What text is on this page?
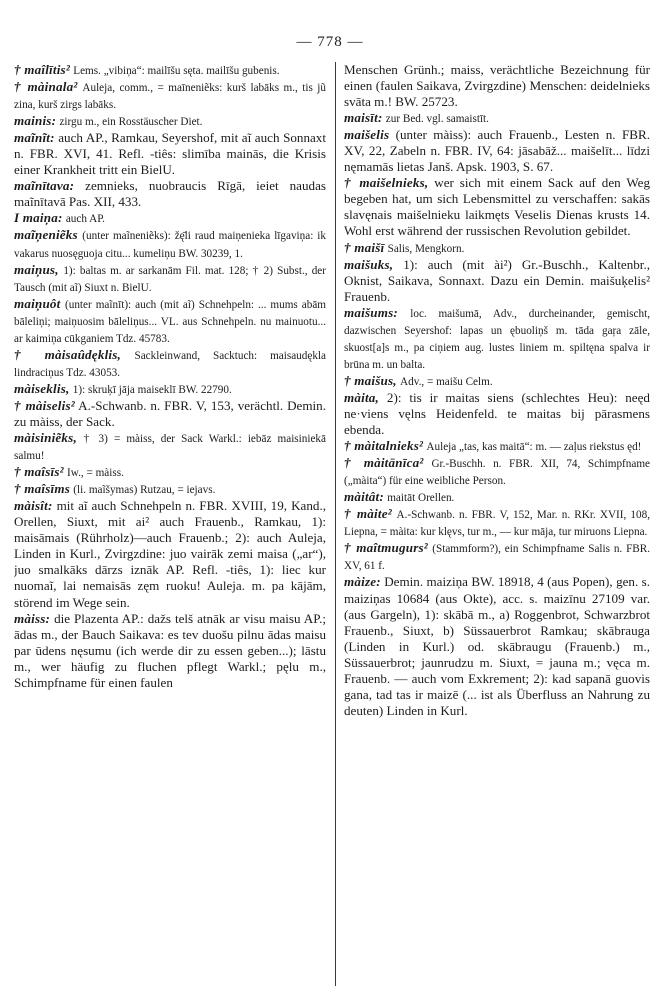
— 778 —

† maîlītis² Lems. „vibiņa“: mailīšu sęta. mailīšu gubenis.

† màinala² Auleja, comm., = maīneniẽks: kurš labāks m., tis jũ zina, kurš zirgs labāks.

mainis: zirgu m., ein Rosstäuscher Diet.

maĩnĩt: auch AP., Ramkau, Seyershof, mit aĩ auch Sonnaxt n. FBR. XVI, 41. Refl. -tiês: slimība mainās, die Krisis einer Krankheit tritt ein BielU.

maĩnītava: zemnieks, nuobraucis Rīgā, ieiet naudas maĩnītavā Pas. XII, 433.

I maiņa: auch AP.

maĩņeniẽks (unter maĩneniẽks): žę̄li raud maiņenieka līgaviņa: ik vakarus nuosęguoja citu... kumeliņu BW. 30239, 1.

maiņus, 1): baltas m. ar sarkanām Fil. mat. 128; † 2) Subst., der Tausch (mit aĩ) Siuxt n. BielU.

maiņuôt (unter maĩnīt): auch (mit aĩ) Schnehpeln: ... mums abām bāleliņi; maiņuosim bāleliņus... VL. aus Schnehpeln. nu mainuotu... ar kaimiņa cūkganiem Tdz. 45783.

† màisaûdęklis, Sackleinwand, Sacktuch: maisaudękla lindraciņus Tdz. 43053.

màiseklis, 1): skruķī jāja maiseklī BW. 22790.

† màiselis² A.-Schwanb. n. FBR. V, 153, verächtl. Demin. zu màiss, der Sack.

màisiniẽks, † 3) = màiss, der Sack Warkl.: iebāz maisiniekā salmu!

† maîsīs² Iw., = màiss.

† maîsīms (li. maĩšymas) Rutzau, = iejavs.

màisît: mit aĩ auch Schnehpeln n. FBR. XVIII, 19, Kand., Orellen, Siuxt, mit ai² auch Frauenb., Ramkau, 1): maisāmais (Rührholz)—auch Frauenb.; 2): auch Auleja, Linden in Kurl., Zvirgzdine: juo vairāk zemi maisa („ar“), juo smalkāks dārzs iznāk AP. Refl. -tiês, 1): liec kur nuomaĩ, lai nemaisās zęm ruoku! Auleja. m. pa kājām, störend im Wege sein.

màiss: die Plazenta AP.: dažs telš atnāk ar visu maisu AP.; ādas m., der Bauch Saikava: es tev duošu pilnu ādas maisu par ūdens nęsumu (ich werde dir zu essen geben...); lāstu m., wer häufig zu fluchen pflegt Warkl.; pęlu m., Schimpfname für einen faulen

Menschen Grünh.; maiss, verächtliche Bezeichnung für einen (faulen Saikava, Zvirgzdine) Menschen: deidelnieks svāta m.! BW. 25723.

maisīt: zur Bed. vgl. samaistīt.

maišelis (unter màiss): auch Frauenb., Lesten n. FBR. XV, 22, Zabeln n. FBR. IV, 64: jāsabāž... maišelīt... līdzi nęmamās lietas Janš. Apsk. 1903, S. 67.

† maišelnieks, wer sich mit einem Sack auf den Weg begeben hat, um sich Lebensmittel zu verschaffen: sakās slavęnais maišelnieku laikmęts Veselis Dienas krusts 14. Wohl erst während der russischen Revolution gebildet.

† maišī Salis, Mengkorn.

maišuks, 1): auch (mit ài²) Gr.-Buschh., Kaltenbr., Oknist, Saikava, Sonnaxt. Dazu ein Demin. maišuķelis² Frauenb.

maišums: loc. maišumā, Adv., durcheinander, gemischt, dazwischen Seyershof: lapas un ębuoliņš m. tāda gaŗa zāle, skuost[a]s m., pa ciņiem aug. lustes liniem m. spiltęna spalva ir brūna m. un balta.

† maišus, Adv., = maišu Celm.

màita, 2): tis ir maitas siens (schlechtes Heu): neęd ne·viens vęlns Heidenfeld. te maitas bij pārasmens ebenda.

† màitalnieks² Auleja „tas, kas maitā“: m. — zaļus riekstus ęd!

† màitānīca² Gr.-Buschh. n. FBR. XII, 74, Schimpfname („màita“) für eine weibliche Person.

màitât: maitāt Orellen.

† màite² A.-Schwanb. n. FBR. V, 152, Mar. n. RKr. XVII, 108, Liepna, = màita: kur klęvs, tur m., — kur māja, tur miruons Liepna.

† maîtmugurs² (Stammform?), ein Schimpfname Salis n. FBR. XV, 61 f.

màize: Demin. maiziņa BW. 18918, 4 (aus Popen), gen. s. maiziņas 10684 (aus Okte), acc. s. maizīnu 27109 var. (aus Gargeln), 1): skābā m., a) Roggenbrot, Schwarzbrot Frauenb., Siuxt, b) Süssauerbrot Ramkau; skābrauga (Linden in Kurl.) od. skābraugu (Frauenb.) m., Süssauerbrot; jaunrudzu m. Siuxt, = jauna m.; vęca m. Frauenb. — auch vom Exkrement; 2): kad sapanā guovis gana, tad tas ir maizē (... ist als Überfluss an Nahrung zu deuten) Linden in Kurl.
